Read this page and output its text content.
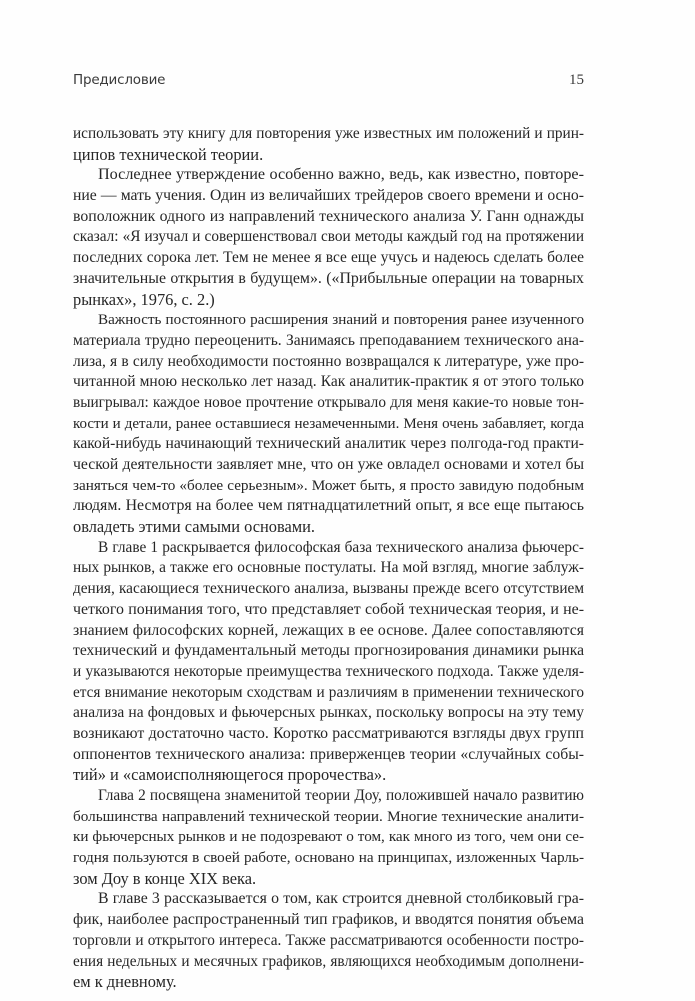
Предисловие	15
использовать эту книгу для повторения уже известных им положений и прин-
ципов технической теории.
Последнее утверждение особенно важно, ведь, как известно, повторе-
ние — мать учения. Один из величайших трейдеров своего времени и осно-
воположник одного из направлений технического анализа У. Ганн однажды
сказал: «Я изучал и совершенствовал свои методы каждый год на протяжении
последних сорока лет. Тем не менее я все еще учусь и надеюсь сделать более
значительные открытия в будущем». («Прибыльные операции на товарных
рынках», 1976, с. 2.)
Важность постоянного расширения знаний и повторения ранее изученного
материала трудно переоценить. Занимаясь преподаванием технического ана-
лиза, я в силу необходимости постоянно возвращался к литературе, уже про-
читанной мною несколько лет назад. Как аналитик-практик я от этого только
выигрывал: каждое новое прочтение открывало для меня какие-то новые тон-
кости и детали, ранее оставшиеся незамеченными. Меня очень забавляет, когда
какой-нибудь начинающий технический аналитик через полгода-год практи-
ческой деятельности заявляет мне, что он уже овладел основами и хотел бы
заняться чем-то «более серьезным». Может быть, я просто завидую подобным
людям. Несмотря на более чем пятнадцатилетний опыт, я все еще пытаюсь
овладеть этими самыми основами.
В главе 1 раскрывается философская база технического анализа фьючерс-
ных рынков, а также его основные постулаты. На мой взгляд, многие заблуж-
дения, касающиеся технического анализа, вызваны прежде всего отсутствием
четкого понимания того, что представляет собой техническая теория, и не-
знанием философских корней, лежащих в ее основе. Далее сопоставляются
технический и фундаментальный методы прогнозирования динамики рынка
и указываются некоторые преимущества технического подхода. Также уделя-
ется внимание некоторым сходствам и различиям в применении технического
анализа на фондовых и фьючерсных рынках, поскольку вопросы на эту тему
возникают достаточно часто. Коротко рассматриваются взгляды двух групп
оппонентов технического анализа: приверженцев теории «случайных собы-
тий» и «самоисполняющегося пророчества».
Глава 2 посвящена знаменитой теории Доу, положившей начало развитию
большинства направлений технической теории. Многие технические аналити-
ки фьючерсных рынков и не подозревают о том, как много из того, чем они се-
годня пользуются в своей работе, основано на принципах, изложенных Чарль-
зом Доу в конце XIX века.
В главе 3 рассказывается о том, как строится дневной столбиковый гра-
фик, наиболее распространенный тип графиков, и вводятся понятия объема
торговли и открытого интереса. Также рассматриваются особенности постро-
ения недельных и месячных графиков, являющихся необходимым дополнени-
ем к дневному.
